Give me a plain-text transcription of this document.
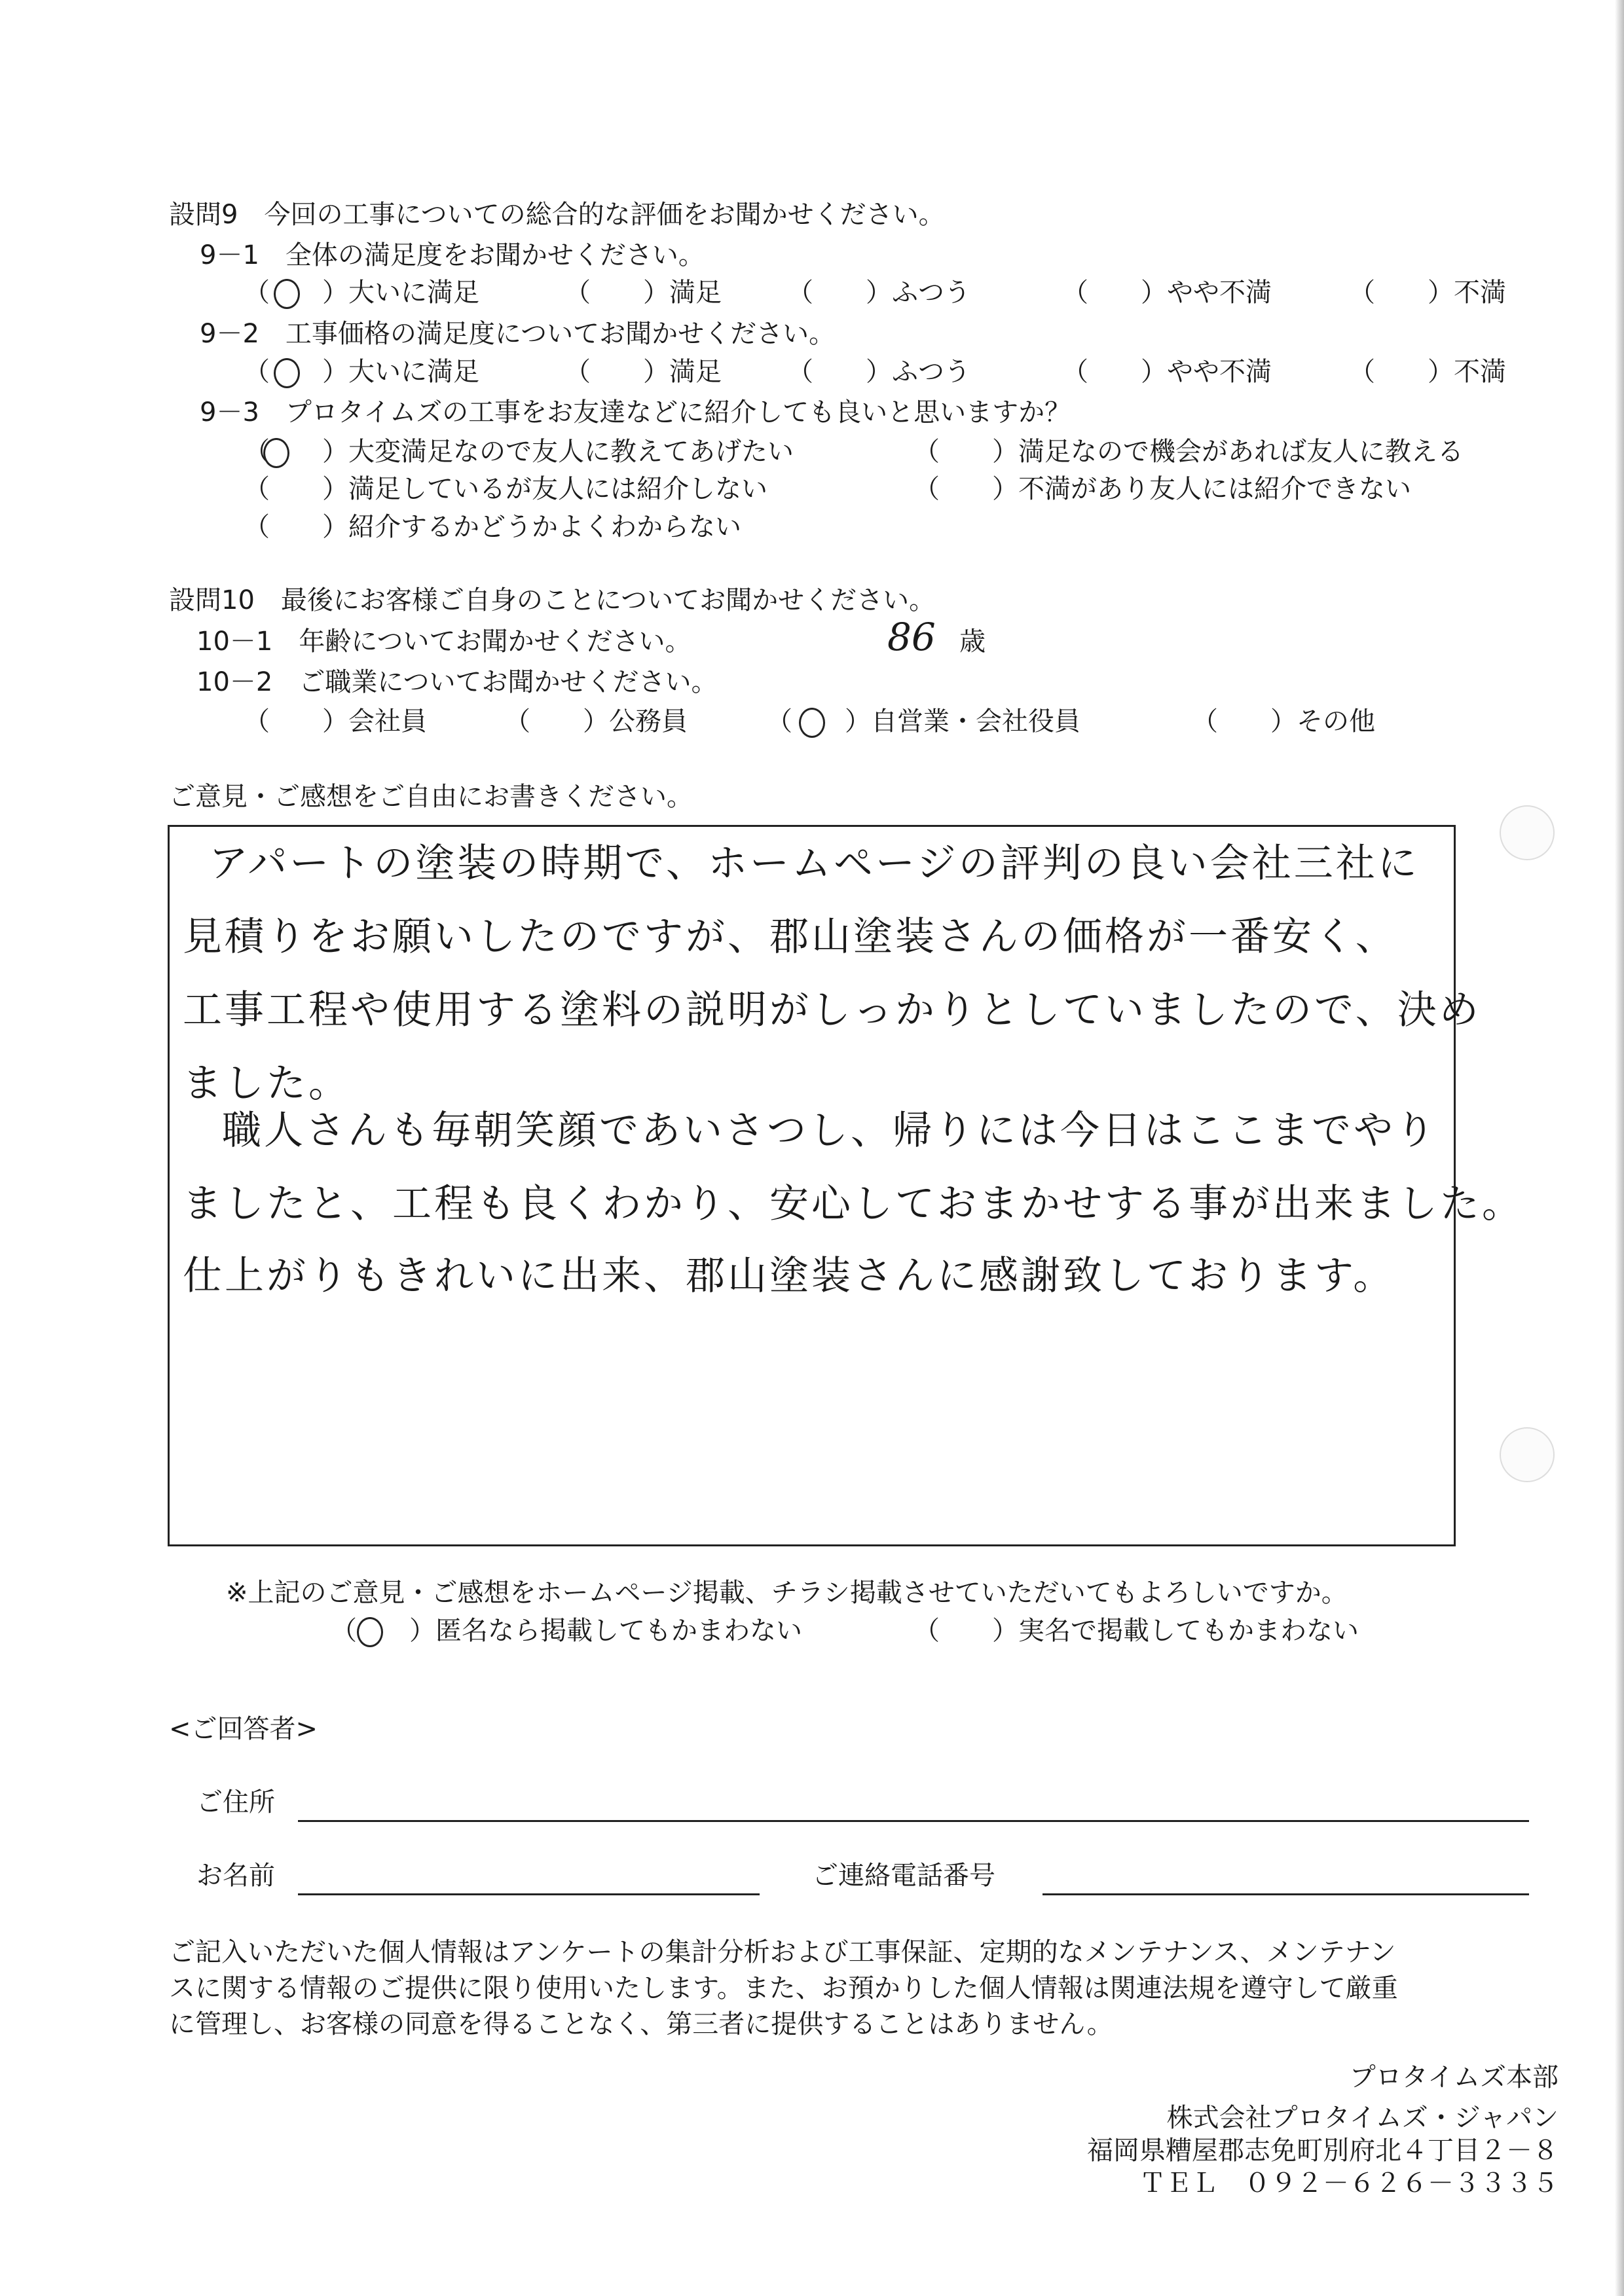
設問9　今回の工事についての総合的な評価をお聞かせください。
9－1　全体の満足度をお聞かせください。
（
　　）大いに満足	（　　）満足	（　　）ふつう	（　　）やや不満	（　　）不満
9－2　工事価格の満足度についてお聞かせください。
（
　　）大いに満足	（　　）満足	（　　）ふつう	（　　）やや不満	（　　）不満
9－3　プロタイムズの工事をお友達などに紹介しても良いと思いますか？
（
　　）大変満足なので友人に教えてあげたい	（　　）満足なので機会があれば友人に教える
（　　）満足しているが友人には紹介しない	（　　）不満があり友人には紹介できない
（　　）紹介するかどうかよくわからない
設問10　最後にお客様ご自身のことについてお聞かせください。
10－1　年齢についてお聞かせください。	86 歳
10－2　ご職業についてお聞かせください。
（　　）会社員	（　　）公務員	（
　　）自営業・会社役員	（　　）その他
ご意見・ご感想をご自由にお書きください。
アパートの塗装の時期で、ホームページの評判の良い会社三社に
見積りをお願いしたのですが、郡山塗装さんの価格が一番安く、
工事工程や使用する塗料の説明がしっかりとしていましたので、決め
ました。
職人さんも毎朝笑顔であいさつし、帰りには今日はここまでやり
ましたと、工程も良くわかり、安心しておまかせする事が出来ました。
仕上がりもきれいに出来、郡山塗装さんに感謝致しております。
※上記のご意見・ご感想をホームページ掲載、チラシ掲載させていただいてもよろしいですか。
（
　　）匿名なら掲載してもかまわない	（　　）実名で掲載してもかまわない
<ご回答者>
ご住所
お名前	ご連絡電話番号
ご記入いただいた個人情報はアンケートの集計分析および工事保証、定期的なメンテナンス、メンテナン
スに関する情報のご提供に限り使用いたします。また、お預かりした個人情報は関連法規を遵守して厳重
に管理し、お客様の同意を得ることなく、第三者に提供することはありません。
プロタイムズ本部
株式会社プロタイムズ・ジャパン
福岡県糟屋郡志免町別府北４丁目２－８
ＴＥＬ　０９２－６２６－３３３５
